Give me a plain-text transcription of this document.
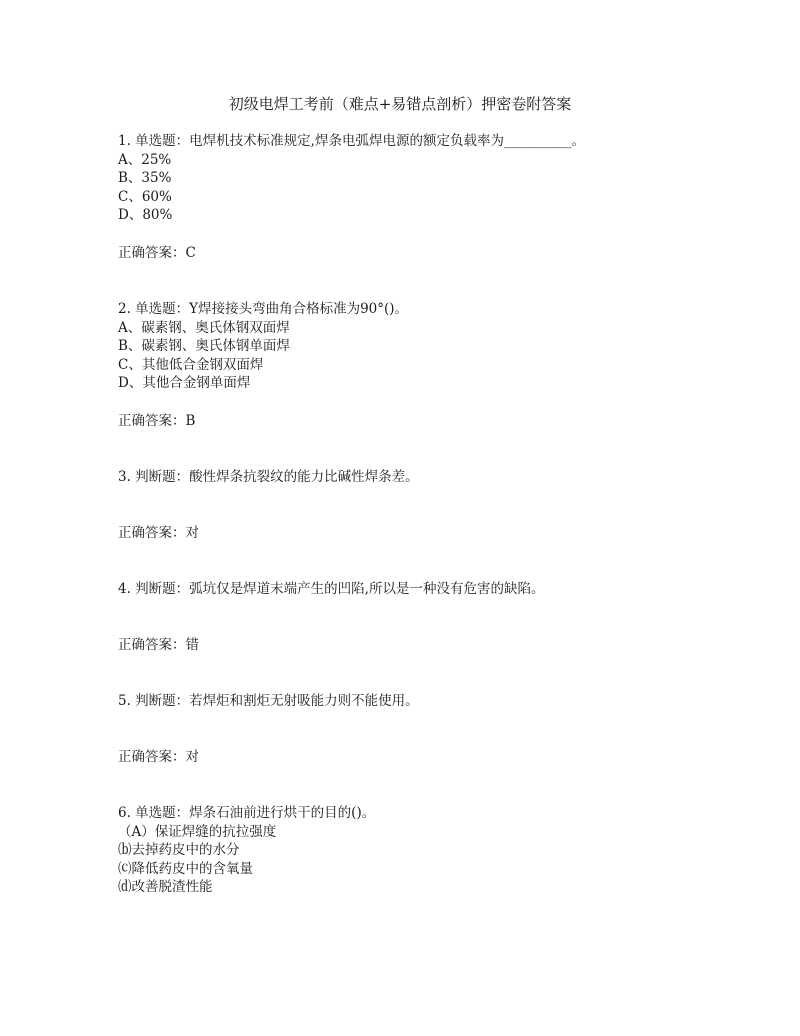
初级电焊工考前（难点+易错点剖析）押密卷附答案
1. 单选题：电焊机技术标准规定,焊条电弧焊电源的额定负载率为__________。
A、25%
B、35%
C、60%
D、80%
正确答案：C
2. 单选题：Y焊接接头弯曲角合格标准为90°()。
A、碳素钢、奥氏体钢双面焊
B、碳素钢、奥氏体钢单面焊
C、其他低合金钢双面焊
D、其他合金钢单面焊
正确答案：B
3. 判断题：酸性焊条抗裂纹的能力比碱性焊条差。
正确答案：对
4. 判断题：弧坑仅是焊道末端产生的凹陷,所以是一种没有危害的缺陷。
正确答案：错
5. 判断题：若焊炬和割炬无射吸能力则不能使用。
正确答案：对
6. 单选题：焊条石油前进行烘干的目的()。
（A）保证焊缝的抗拉强度
⒝去掉药皮中的水分
⒞降低药皮中的含氧量
⒟改善脱渣性能
